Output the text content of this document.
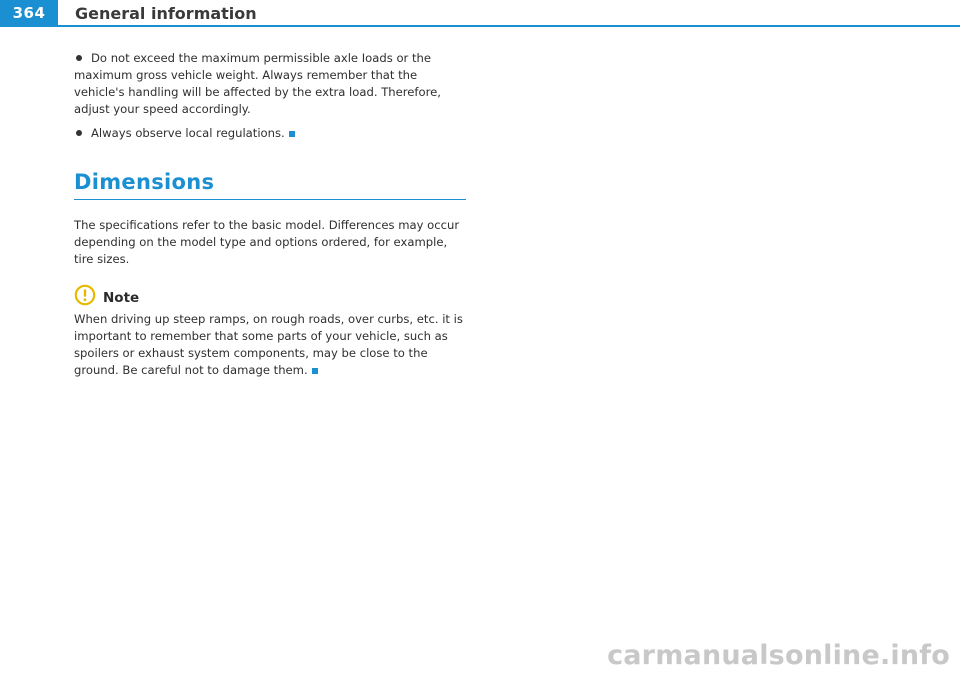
364	General information
Do not exceed the maximum permissible axle Ioads or the maximum gross vehicle weight. Always remember that the vehicle's handling will be affected by the extra load. Therefore, adjust your speed accordingly.
Always observe local regulations.
Dimensions
The specifications refer to the basic model. Differences may occur depending on the model type and options ordered, for example, tire sizes.
Note
When driving up steep ramps, on rough roads, over curbs, etc. it is important to remember that some parts of your vehicle, such as spoilers or exhaust system components, may be close to the ground. Be careful not to damage them.
carmanualsonline.info
